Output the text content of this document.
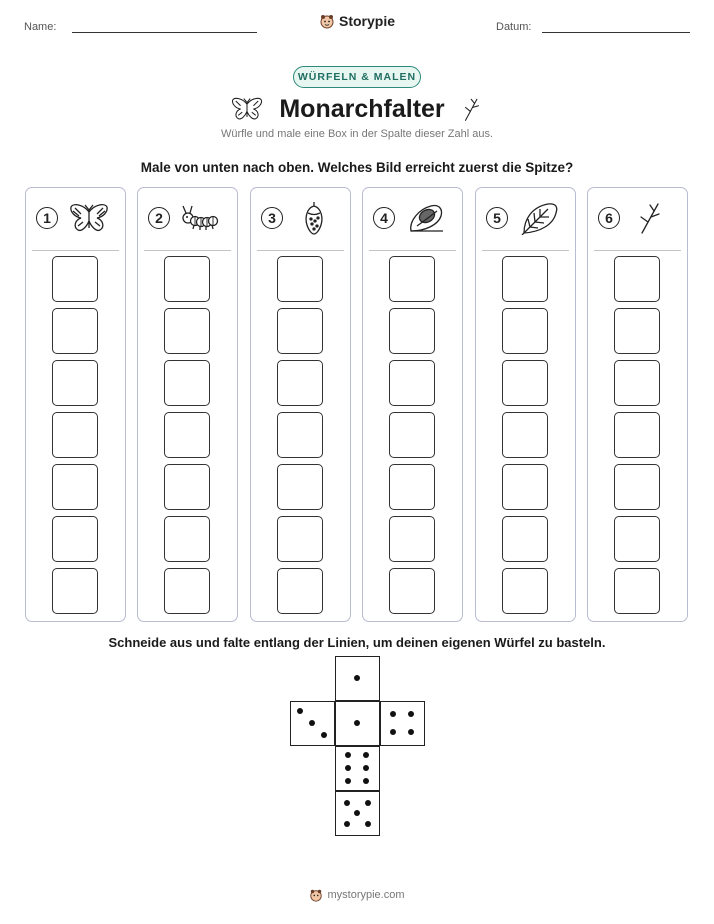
Name:	Storypie	Datum:
WÜRFELN & MALEN
Monarchfalter
Würfle und male eine Box in der Spalte dieser Zahl aus.
Male von unten nach oben. Welches Bild erreicht zuerst die Spitze?
1	2	3	4	5	6
Schneide aus und falte entlang der Linien, um deinen eigenen Würfel zu basteln.
mystorypie.com
